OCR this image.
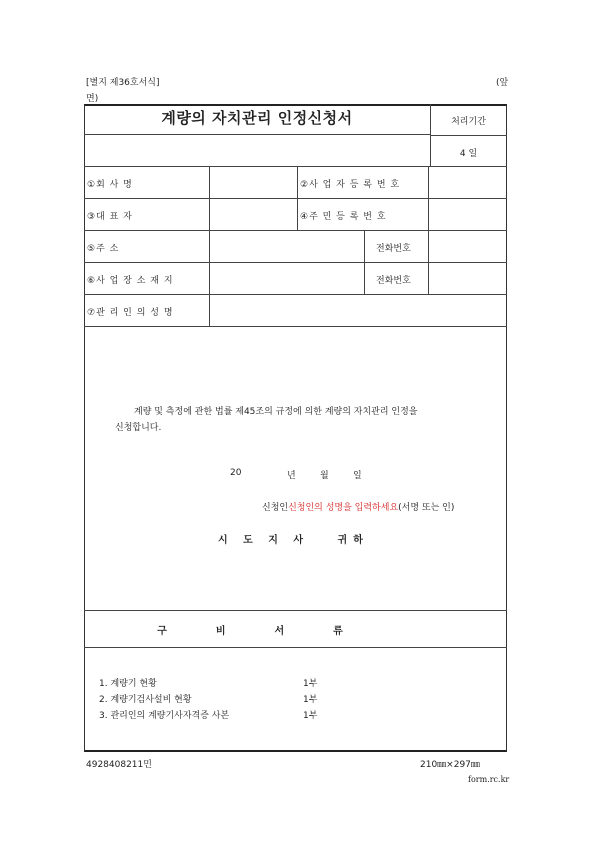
[별지 제36호서식]	(앞
면)
계량의 자치관리 인정신청서	처리기간
4 일
①회 사 명	②사 업 자 등 록 번 호
③대 표 자	④주 민 등 록 번 호
⑤주 소	전화번호
⑥사 업 장 소 재 지	전화번호
⑦관 리 인 의 성 명
계량 및 측정에 관한 법률 제45조의 규정에 의한 계량의 자치관리 인정을
신청합니다.
20	년	월	일
신청인신청인의 성명을 입력하세요(서명 또는 인)
시 도 지 사   귀하
구  비  서  류
1. 계량기 현황	1부
2. 계량기검사설비 현황	1부
3. 관리인의 계량기사자격증 사본	1부
4928408211민	210㎜×297㎜
form.rc.kr
